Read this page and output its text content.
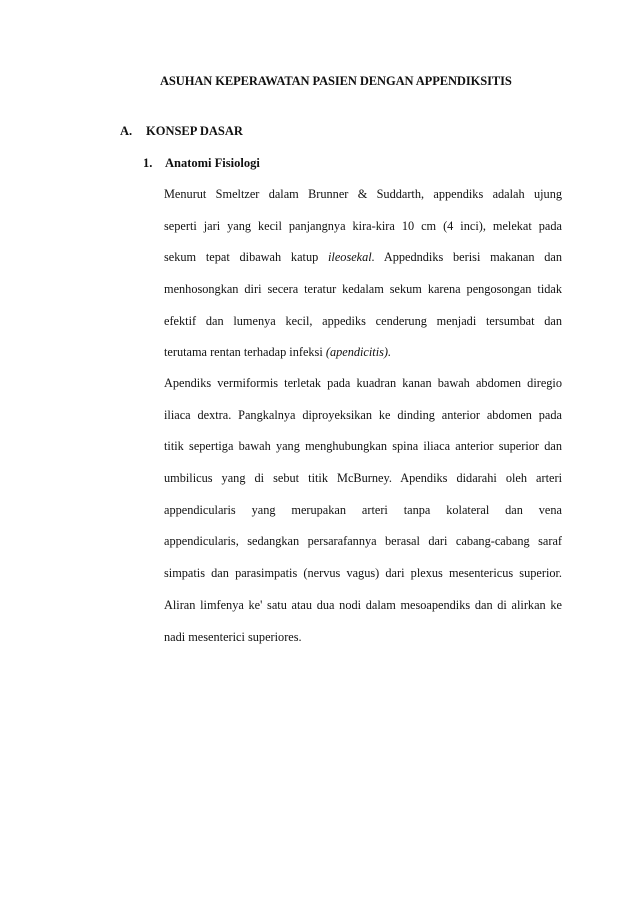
ASUHAN KEPERAWATAN PASIEN DENGAN APPENDIKSITIS
A. KONSEP DASAR
1. Anatomi Fisiologi
Menurut Smeltzer dalam Brunner & Suddarth, appendiks adalah ujung
seperti jari yang kecil panjangnya kira-kira 10 cm (4 inci), melekat pada
sekum tepat dibawah katup ileosekal. Appedndiks berisi makanan dan
menhosongkan diri secera teratur kedalam sekum karena pengosongan tidak
efektif dan lumenya kecil, appediks cenderung menjadi tersumbat dan
terutama rentan terhadap infeksi (apendicitis).
Apendiks vermiformis terletak pada kuadran kanan bawah abdomen diregio
iliaca dextra. Pangkalnya diproyeksikan ke dinding anterior abdomen pada
titik sepertiga bawah yang menghubungkan spina iliaca anterior superior dan
umbilicus yang di sebut titik McBurney. Apendiks didarahi oleh arteri
appendicularis yang merupakan arteri tanpa kolateral dan vena
appendicularis, sedangkan persarafannya berasal dari cabang-cabang saraf
simpatis dan parasimpatis (nervus vagus) dari plexus mesentericus superior.
Aliran limfenya ke' satu atau dua nodi dalam mesoapendiks dan di alirkan ke
nadi mesenterici superiores.
